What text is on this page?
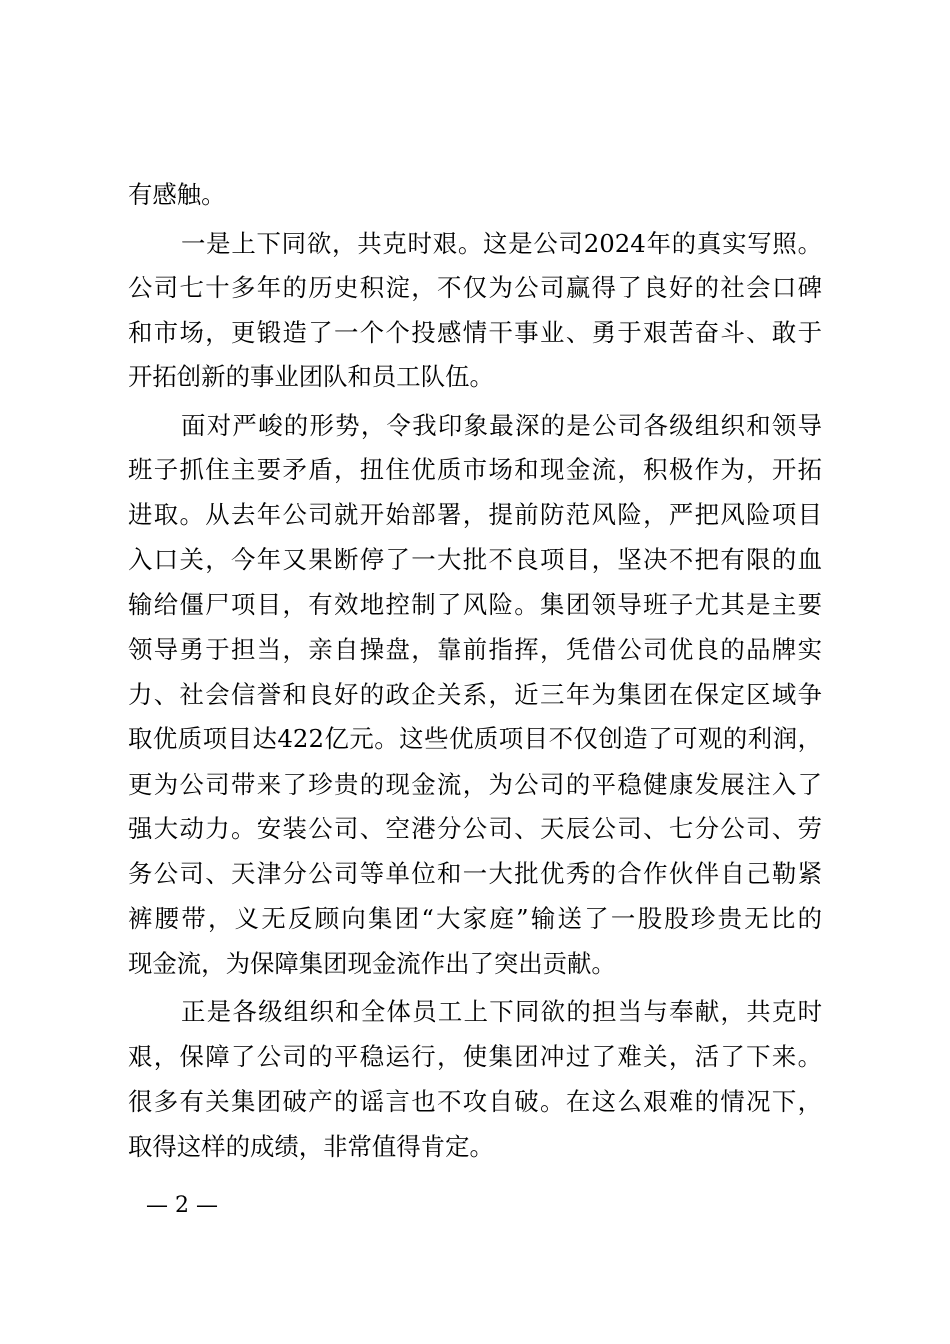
有感触。
一是上下同欲，共克时艰。这是公司2024年的真实写照。
公司七十多年的历史积淀，不仅为公司赢得了良好的社会口碑
和市场，更锻造了一个个投感情干事业、勇于艰苦奋斗、敢于
开拓创新的事业团队和员工队伍。
面对严峻的形势，令我印象最深的是公司各级组织和领导
班子抓住主要矛盾，扭住优质市场和现金流，积极作为，开拓
进取。从去年公司就开始部署，提前防范风险，严把风险项目
入口关，今年又果断停了一大批不良项目，坚决不把有限的血
输给僵尸项目，有效地控制了风险。集团领导班子尤其是主要
领导勇于担当，亲自操盘，靠前指挥，凭借公司优良的品牌实
力、社会信誉和良好的政企关系，近三年为集团在保定区域争
取优质项目达422亿元。这些优质项目不仅创造了可观的利润，
更为公司带来了珍贵的现金流，为公司的平稳健康发展注入了
强大动力。安装公司、空港分公司、天辰公司、七分公司、劳
务公司、天津分公司等单位和一大批优秀的合作伙伴自己勒紧
裤腰带，义无反顾向集团“大家庭”输送了一股股珍贵无比的
现金流，为保障集团现金流作出了突出贡献。
正是各级组织和全体员工上下同欲的担当与奉献，共克时
艰，保障了公司的平稳运行，使集团冲过了难关，活了下来。
很多有关集团破产的谣言也不攻自破。在这么艰难的情况下，
取得这样的成绩，非常值得肯定。
— 2 —
